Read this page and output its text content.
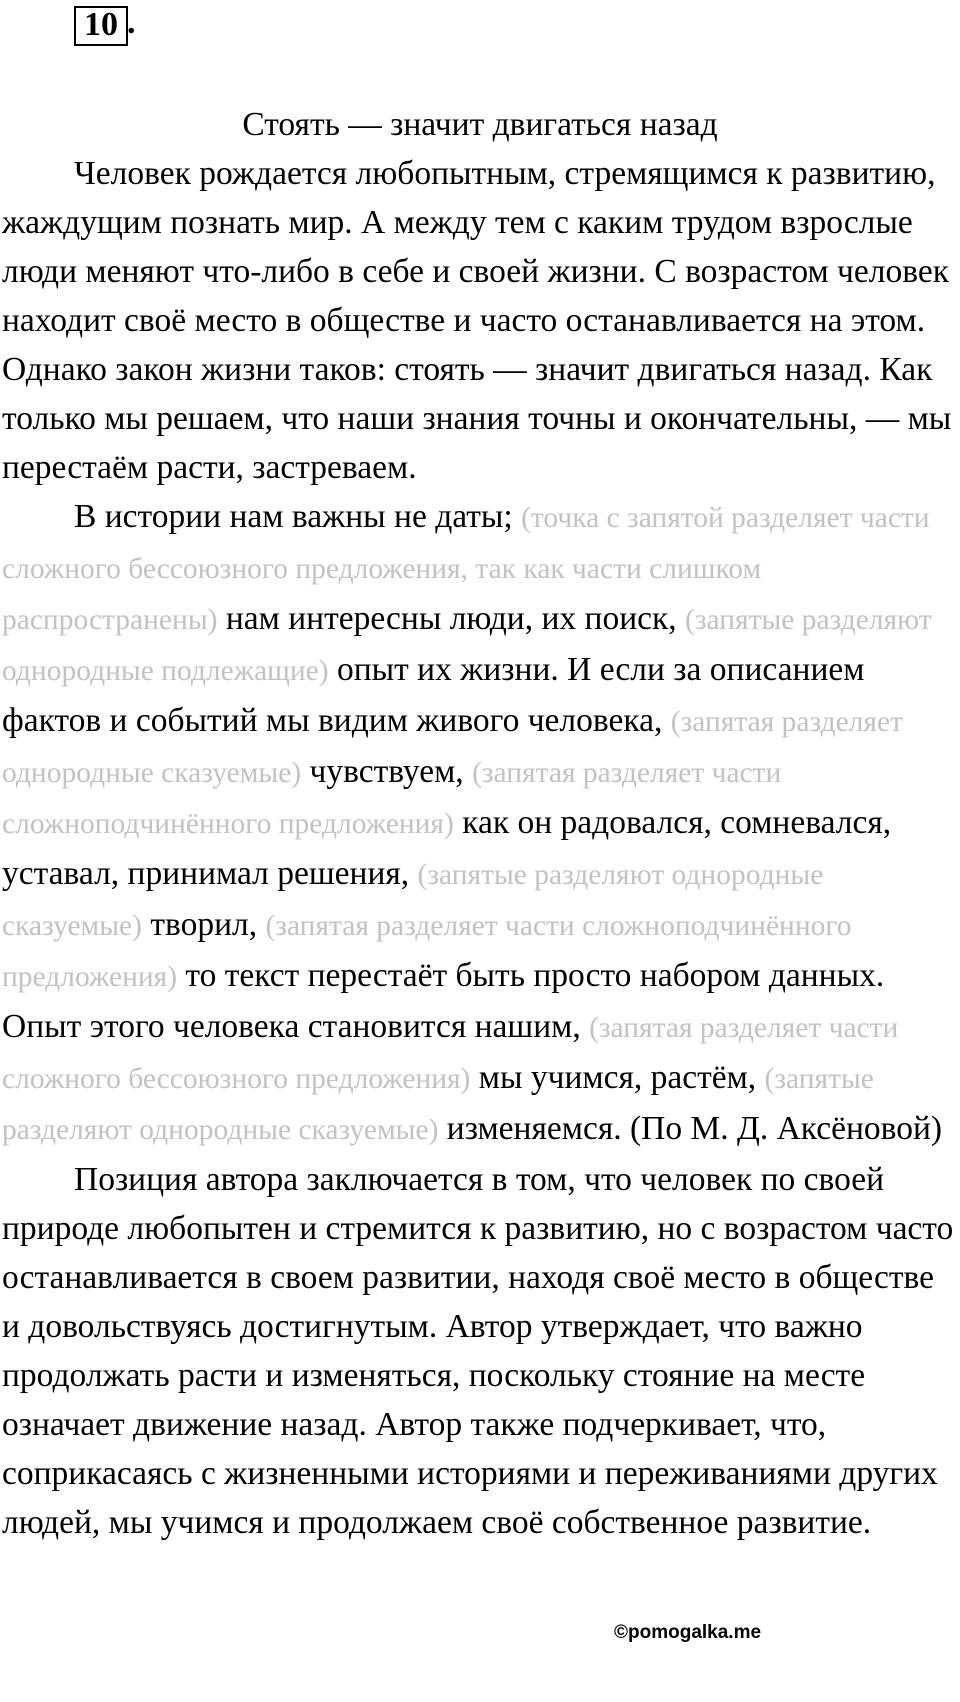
10 .

Стоять — значит двигаться назад

Человек рождается любопытным, стремящимся к развитию, жаждущим познать мир. А между тем с каким трудом взрослые люди меняют что-либо в себе и своей жизни. С возрастом человек находит своё место в обществе и часто останавливается на этом. Однако закон жизни таков: стоять — значит двигаться назад. Как только мы решаем, что наши знания точны и окончательны, — мы перестаём расти, застреваем.

В истории нам важны не даты; (точка с запятой разделяет части сложного бессоюзного предложения, так как части слишком распространены) нам интересны люди, их поиск, (запятые разделяют однородные подлежащие) опыт их жизни. И если за описанием фактов и событий мы видим живого человека, (запятая разделяет однородные сказуемые) чувствуем, (запятая разделяет части сложноподчинённого предложения) как он радовался, сомневался, уставал, принимал решения, (запятые разделяют однородные сказуемые) творил, (запятая разделяет части сложноподчинённого предложения) то текст перестаёт быть просто набором данных. Опыт этого человека становится нашим, (запятая разделяет части сложного бессоюзного предложения) мы учимся, растём, (запятые разделяют однородные сказуемые) изменяемся. (По М. Д. Аксёновой)

Позиция автора заключается в том, что человек по своей природе любопытен и стремится к развитию, но с возрастом часто останавливается в своем развитии, находя своё место в обществе и довольствуясь достигнутым. Автор утверждает, что важно продолжать расти и изменяться, поскольку стояние на месте означает движение назад. Автор также подчеркивает, что, соприкасаясь с жизненными историями и переживаниями других людей, мы учимся и продолжаем своё собственное развитие.

©pomogalka.me
